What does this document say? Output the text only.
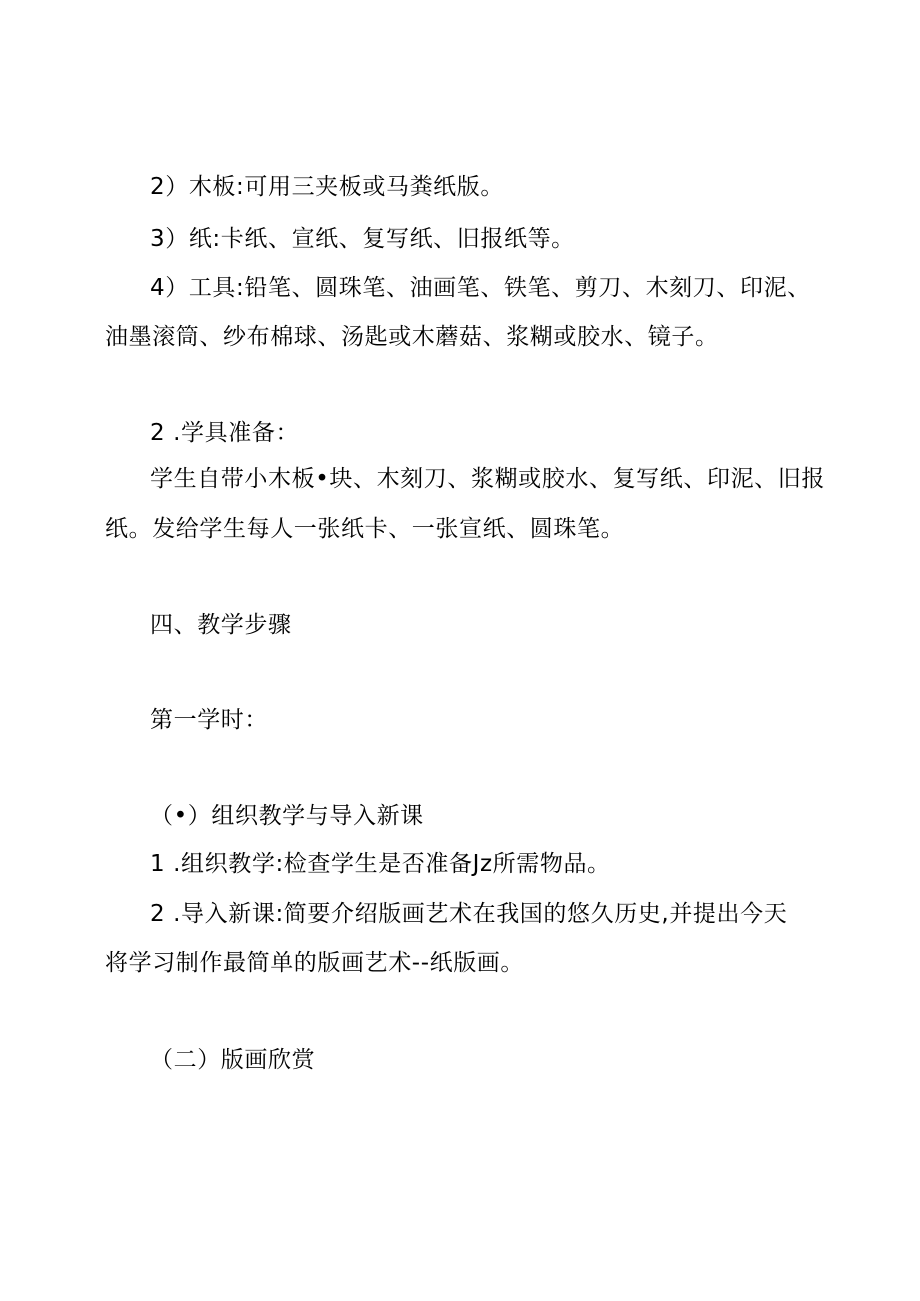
2）木板:可用三夹板或马粪纸版。

3）纸:卡纸、宣纸、复写纸、旧报纸等。

4）工具:铅笔、圆珠笔、油画笔、铁笔、剪刀、木刻刀、印泥、

油墨滚筒、纱布棉球、汤匙或木蘑菇、浆糊或胶水、镜子。

2 .学具准备：

学生自带小木板•块、木刻刀、浆糊或胶水、复写纸、印泥、旧报

纸。发给学生每人一张纸卡、一张宣纸、圆珠笔。

四、教学步骤

第一学时：

（•）组织教学与导入新课

1 .组织教学:检查学生是否准备Jz所需物品。

2 .导入新课:简要介绍版画艺术在我国的悠久历史,并提出今天

将学习制作最简单的版画艺术--纸版画。

（二）版画欣赏
